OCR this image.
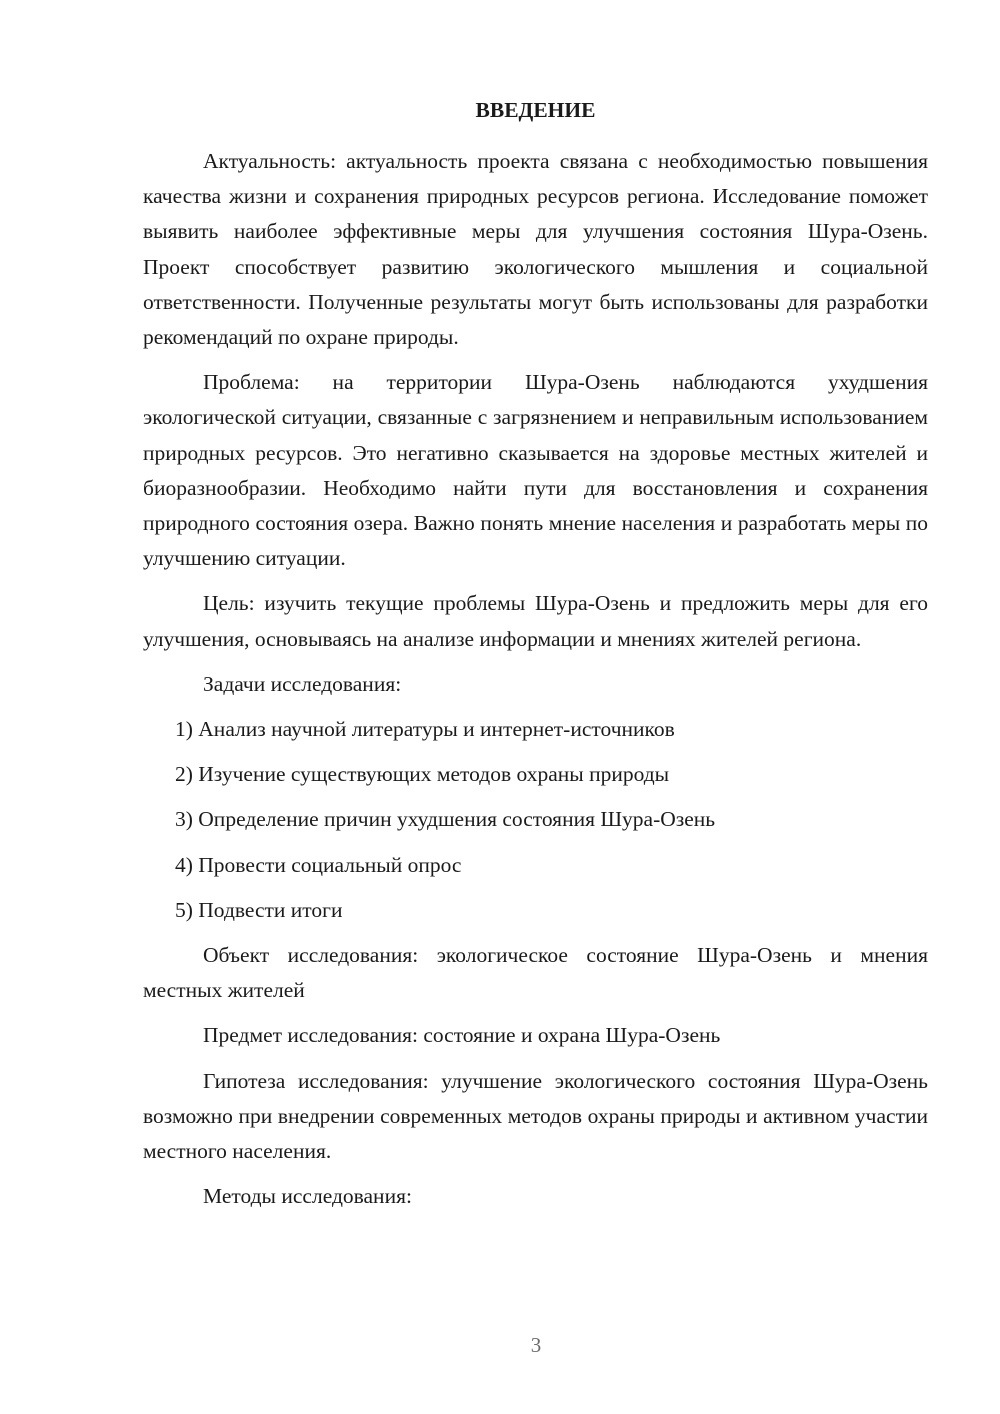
ВВЕДЕНИЕ

Актуальность: актуальность проекта связана с необходимостью повышения качества жизни и сохранения природных ресурсов региона. Исследование поможет выявить наиболее эффективные меры для улучшения состояния Шура-Озень. Проект способствует развитию экологического мышления и социальной ответственности. Полученные результаты могут быть использованы для разработки рекомендаций по охране природы.

Проблема: на территории Шура-Озень наблюдаются ухудшения экологической ситуации, связанные с загрязнением и неправильным использованием природных ресурсов. Это негативно сказывается на здоровье местных жителей и биоразнообразии. Необходимо найти пути для восстановления и сохранения природного состояния озера. Важно понять мнение населения и разработать меры по улучшению ситуации.

Цель: изучить текущие проблемы Шура-Озень и предложить меры для его улучшения, основываясь на анализе информации и мнениях жителей региона.

Задачи исследования:

1) Анализ научной литературы и интернет-источников
2) Изучение существующих методов охраны природы
3) Определение причин ухудшения состояния Шура-Озень
4) Провести социальный опрос
5) Подвести итоги

Объект исследования: экологическое состояние Шура-Озень и мнения местных жителей

Предмет исследования: состояние и охрана Шура-Озень

Гипотеза исследования: улучшение экологического состояния Шура-Озень возможно при внедрении современных методов охраны природы и активном участии местного населения.

Методы исследования:

3
